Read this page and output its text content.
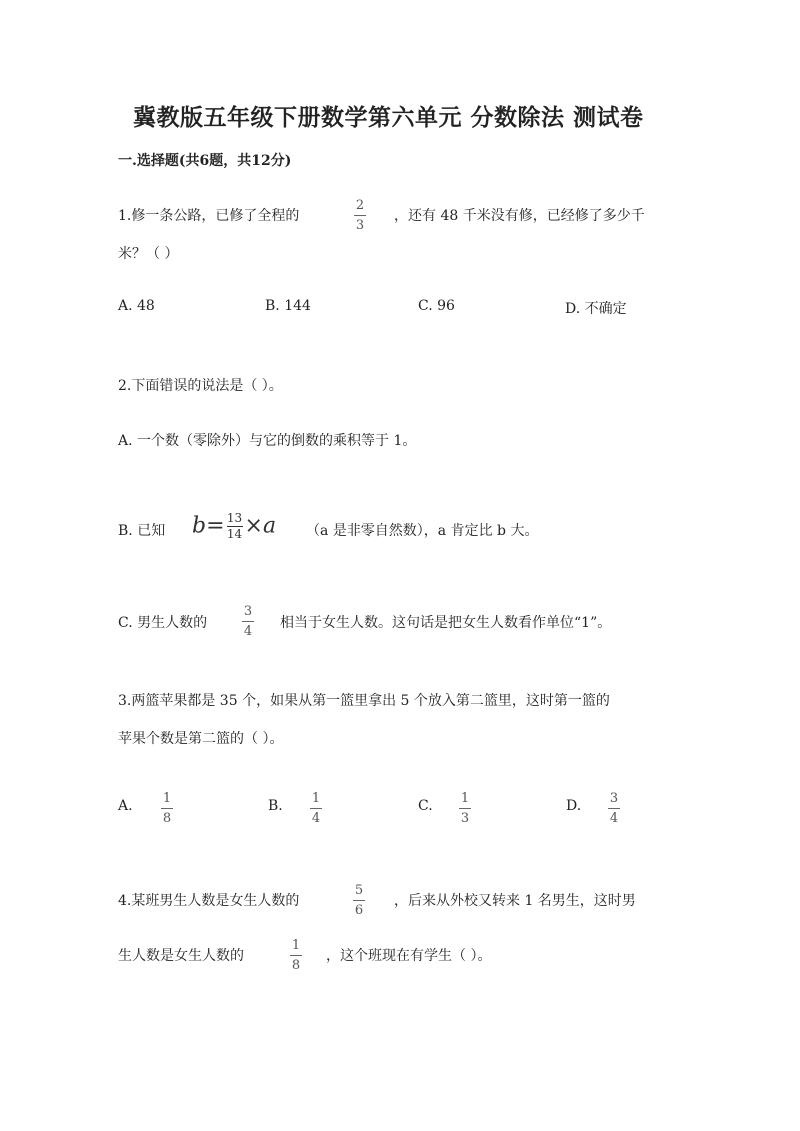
冀教版五年级下册数学第六单元 分数除法 测试卷
一.选择题(共6题，共12分)
1.修一条公路，已修了全程的
2
3
，还有 48 千米没有修，已经修了多少千
米？（ ）
A. 48	B. 144	C. 96	D. 不确定
2.下面错误的说法是（ ）。
A. 一个数（零除外）与它的倒数的乘积等于 1。
B. 已知 $b= \frac{13}{14} \times a$ （a 是非零自然数），a 肯定比 b 大。
C. 男生人数的
3
4
相当于女生人数。这句话是把女生人数看作单位“1”。
3.两篮苹果都是 35 个，如果从第一篮里拿出 5 个放入第二篮里，这时第一篮的
苹果个数是第二篮的（ ）。
A. 1
8
B. 1
4
C. 1
3
D. 3
4
4.某班男生人数是女生人数的
5
6
，后来从外校又转来 1 名男生，这时男
生人数是女生人数的
1
8
，这个班现在有学生（ ）。
